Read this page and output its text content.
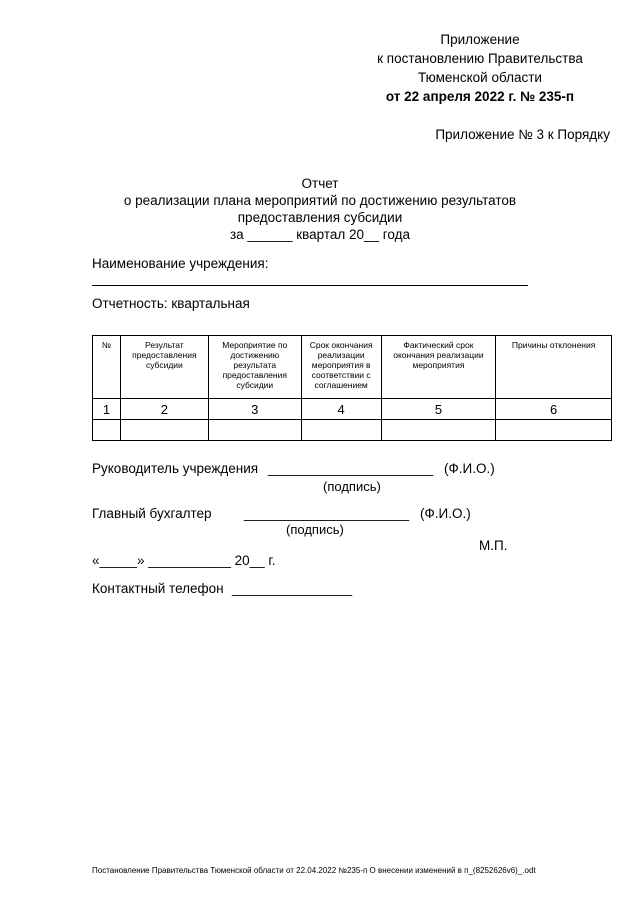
Приложение
к постановлению Правительства
Тюменской области
от 22 апреля 2022 г. № 235-п
Приложение № 3 к Порядку
Отчет
о реализации плана мероприятий по достижению результатов
предоставления субсидии
за ______ квартал 20__ года
Наименование учреждения:
Отчетность: квартальная
№	Результат предоставления субсидии	Мероприятие по достижению результата предоставления субсидии	Срок окончания реализации мероприятия в соответствии с соглашением	Фактический срок окончания реализации мероприятия	Причины отклонения
1	2	3	4	5	6

Руководитель учреждения ______________________ (Ф.И.О.)
(подпись)
Главный бухгалтер ______________________ (Ф.И.О.)
(подпись)
М.П.
«_____» ___________ 20__ г.
Контактный телефон ________________
Постановление Правительства Тюменской области от 22.04.2022 №235-п О внесении изменений в п_(8252626v6)_.odt
